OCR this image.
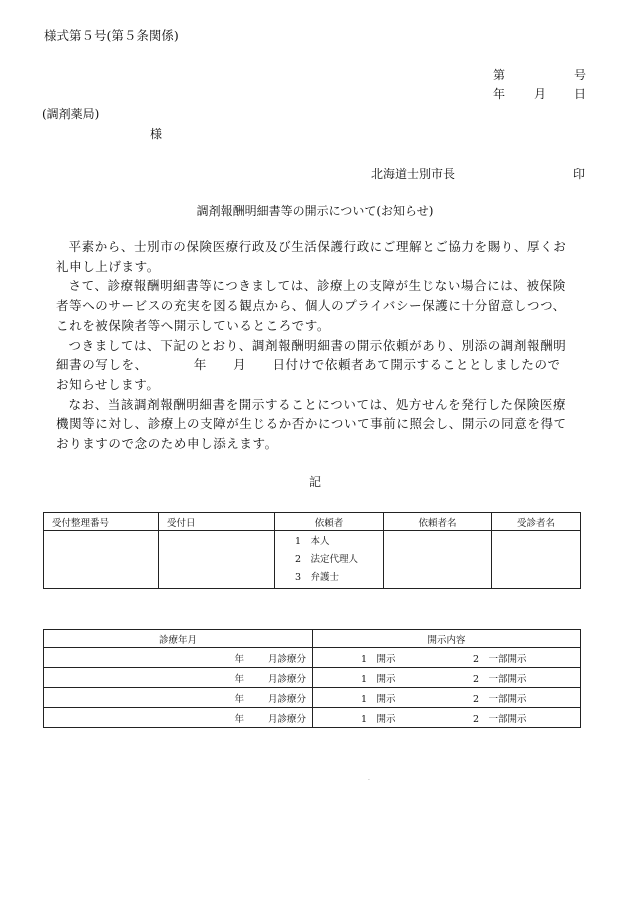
様式第５号(第５条関係)
第	号
年 月 日
(調剤薬局)
様
北海道士別市長	印
調剤報酬明細書等の開示について(お知らせ)
平素から、士別市の保険医療行政及び生活保護行政にご理解とご協力を賜り、厚くお
礼申し上げます。
さて、診療報酬明細書等につきましては、診療上の支障が生じない場合には、被保険
者等へのサービスの充実を図る観点から、個人のプライバシー保護に十分留意しつつ、
これを被保険者等へ開示しているところです。
つきましては、下記のとおり、調剤報酬明細書の開示依頼があり、別添の調剤報酬明
細書の写しを、　　　　年　　月　　日付けで依頼者あて開示することとしましたので
お知らせします。
なお、当該調剤報酬明細書を開示することについては、処方せんを発行した保険医療
機関等に対し、診療上の支障が生じるか否かについて事前に照会し、開示の同意を得て
おりますので念のため申し添えます。
記
受付整理番号	受付日	依頼者	依頼者名	受診者名

		1　本人
2　法定代理人
3　弁護士		

診療年月	開示内容
年 月診療分	1　開示 2　一部開示
年 月診療分	1　開示 2　一部開示
年 月診療分	1　開示 2　一部開示
年 月診療分	1　開示 2　一部開示
.
